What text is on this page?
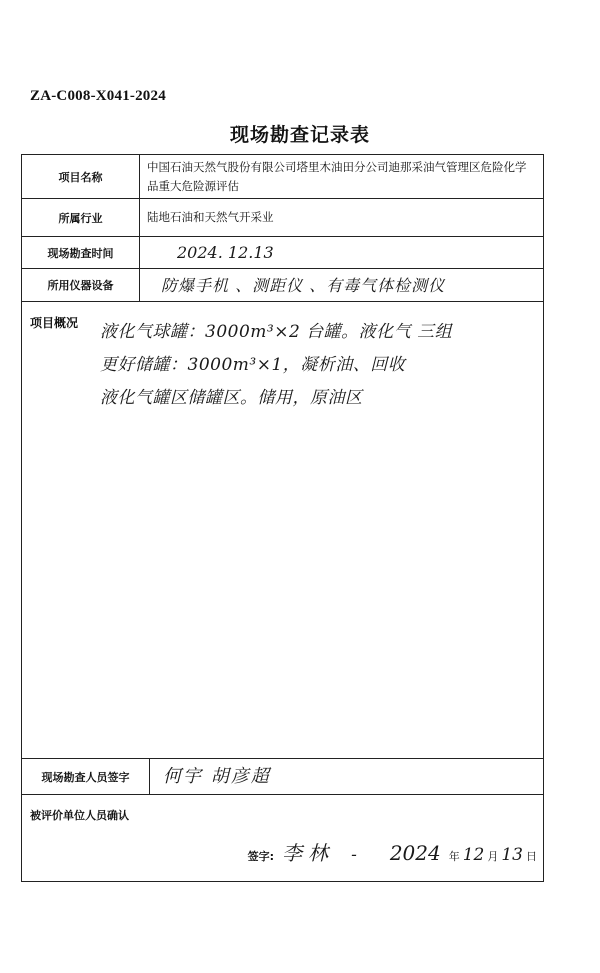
ZA-C008-X041-2024
现场勘查记录表
项目名称
中国石油天然气股份有限公司塔里木油田分公司迪那采油气管理区危险化学品重大危险源评估
所属行业	陆地石油和天然气开采业
现场勘查时间	2024. 12.13
所用仪器设备	防爆手机 、测距仪 、有毒气体检测仪
项目概况 液化气球罐：3000m³×2 台罐。液化气 三组
更好储罐：3000m³×1，凝析油、回收
液化气罐区储罐区。储用，原油区
现场勘查人员签字	何宇 胡彦超
被评价单位人员确认
签字: 李林 - 2024 年 12 月 13 日
